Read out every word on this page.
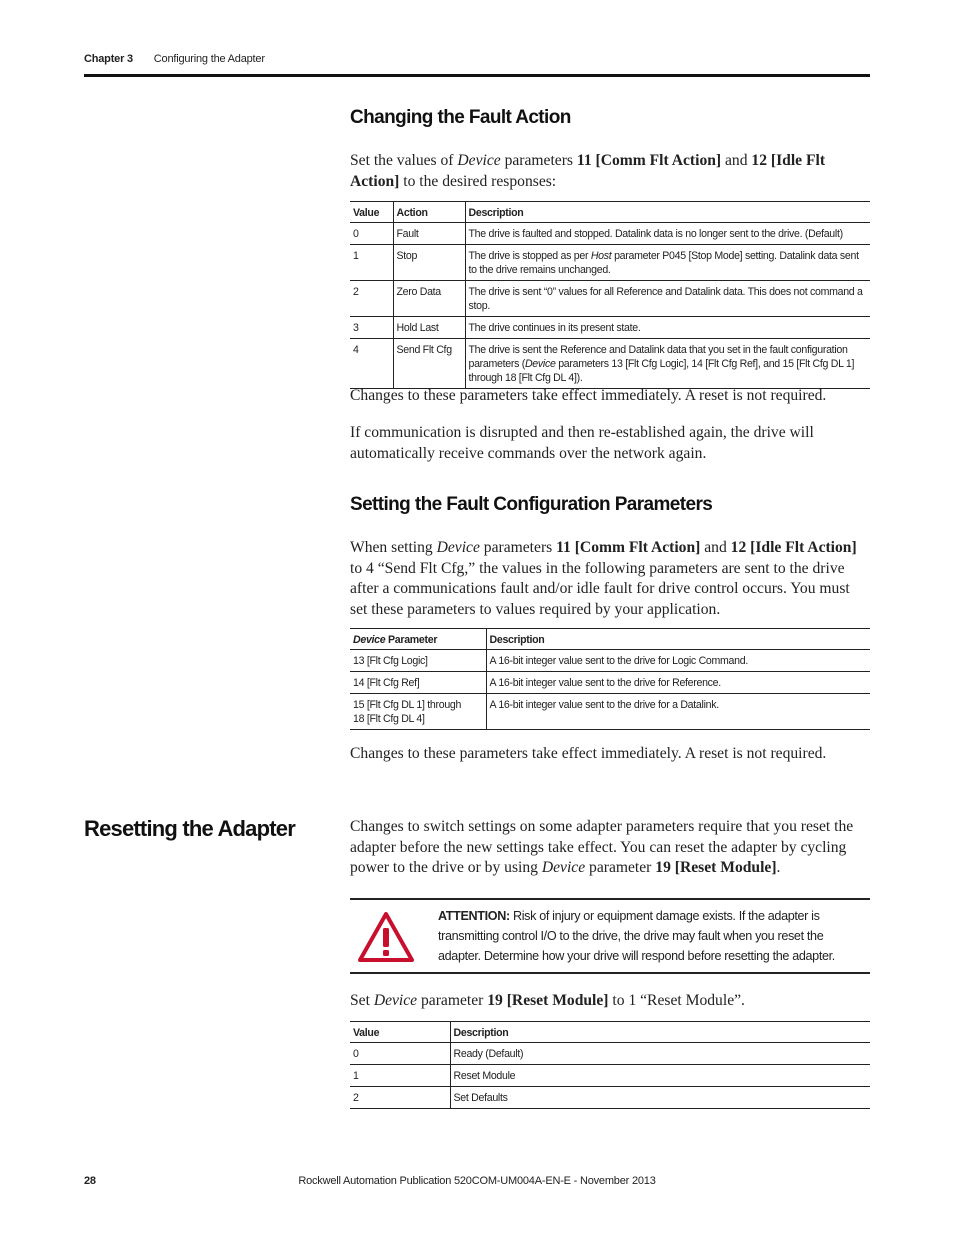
Chapter 3 Configuring the Adapter
Changing the Fault Action
Set the values of Device parameters 11 [Comm Flt Action] and 12 [Idle Flt Action] to the desired responses:
Value	Action	Description
0	Fault	The drive is faulted and stopped. Datalink data is no longer sent to the drive. (Default)
1	Stop	The drive is stopped as per Host parameter P045 [Stop Mode] setting. Datalink data sent to the drive remains unchanged.
2	Zero Data	The drive is sent “0” values for all Reference and Datalink data. This does not command a stop.
3	Hold Last	The drive continues in its present state.
4	Send Flt Cfg	The drive is sent the Reference and Datalink data that you set in the fault configuration parameters (Device parameters 13 [Flt Cfg Logic], 14 [Flt Cfg Ref], and 15 [Flt Cfg DL 1] through 18 [Flt Cfg DL 4]).
Changes to these parameters take effect immediately. A reset is not required.
If communication is disrupted and then re-established again, the drive will automatically receive commands over the network again.
Setting the Fault Configuration Parameters
When setting Device parameters 11 [Comm Flt Action] and 12 [Idle Flt Action] to 4 “Send Flt Cfg,” the values in the following parameters are sent to the drive after a communications fault and/or idle fault for drive control occurs. You must set these parameters to values required by your application.
Device Parameter	Description
13 [Flt Cfg Logic]	A 16-bit integer value sent to the drive for Logic Command.
14 [Flt Cfg Ref]	A 16-bit integer value sent to the drive for Reference.
15 [Flt Cfg DL 1] through 18 [Flt Cfg DL 4]	A 16-bit integer value sent to the drive for a Datalink.
Changes to these parameters take effect immediately. A reset is not required.
Resetting the Adapter	Changes to switch settings on some adapter parameters require that you reset the adapter before the new settings take effect. You can reset the adapter by cycling power to the drive or by using Device parameter 19 [Reset Module].
ATTENTION: Risk of injury or equipment damage exists. If the adapter is transmitting control I/O to the drive, the drive may fault when you reset the adapter. Determine how your drive will respond before resetting the adapter.
Set Device parameter 19 [Reset Module] to 1 “Reset Module”.
Value	Description
0	Ready (Default)
1	Reset Module
2	Set Defaults
28	Rockwell Automation Publication 520COM-UM004A-EN-E - November 2013
